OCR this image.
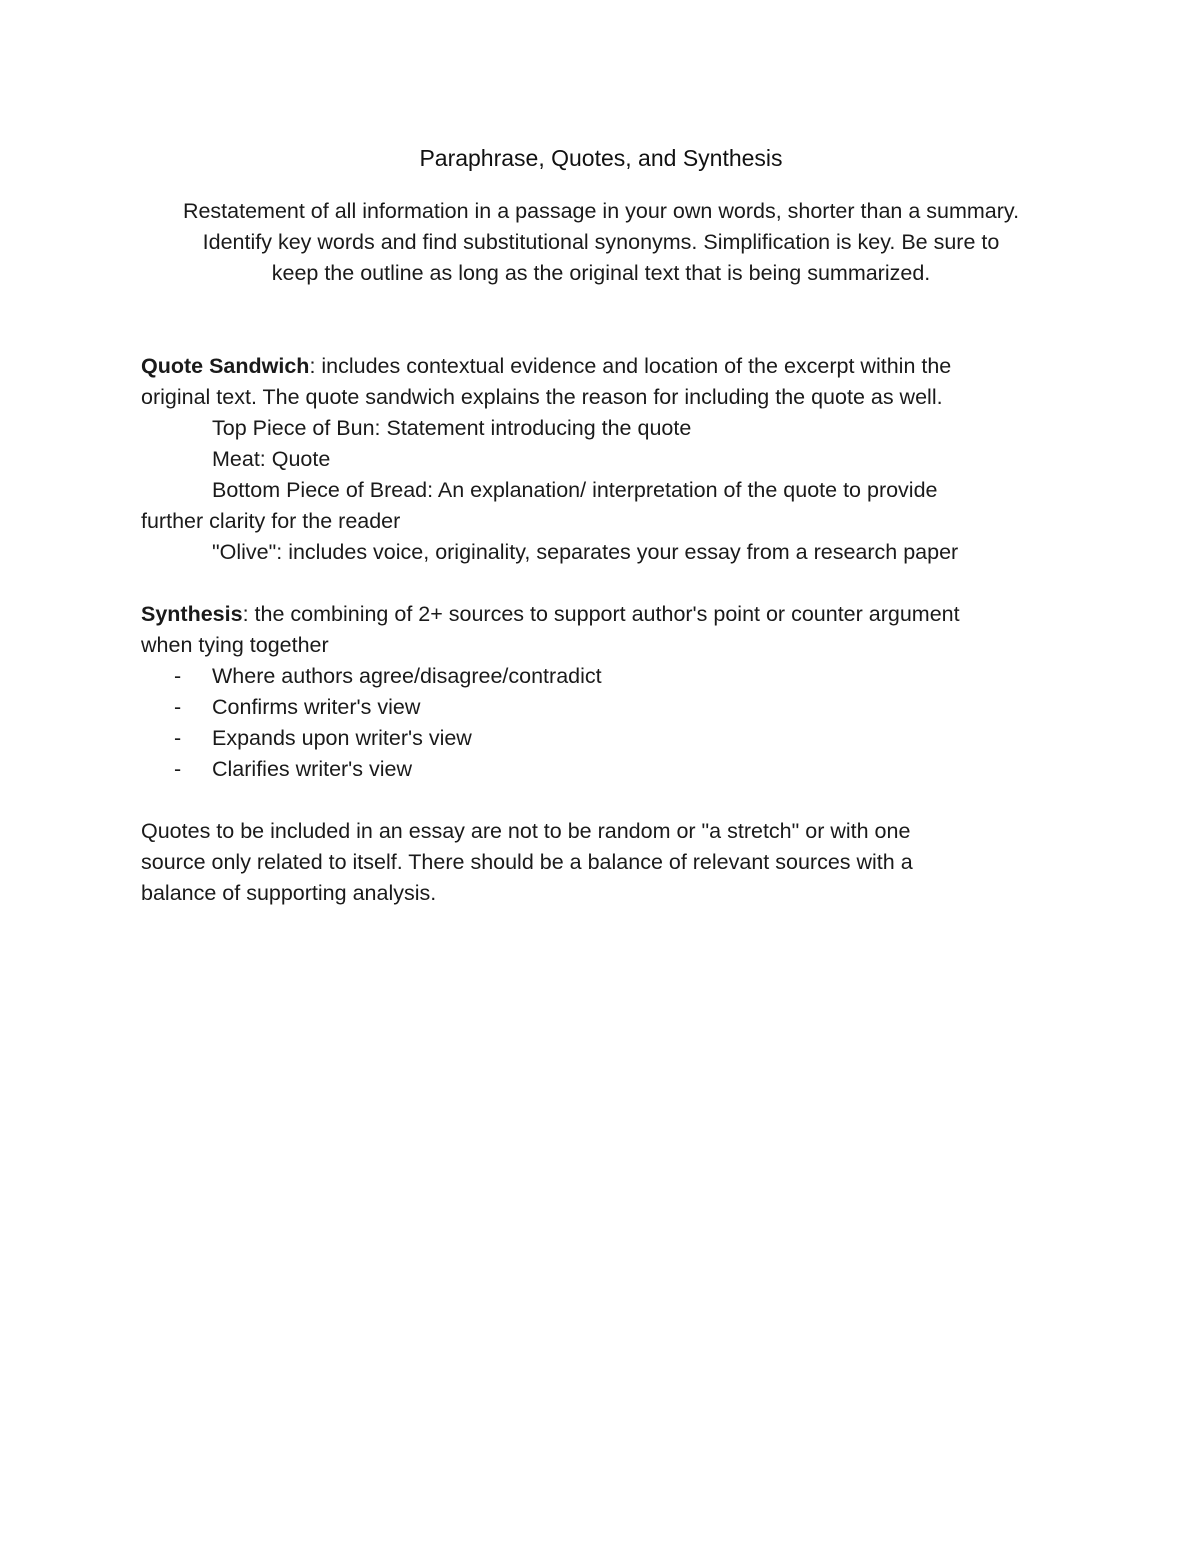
Paraphrase, Quotes, and Synthesis

Restatement of all information in a passage in your own words, shorter than a summary.

Identify key words and find substitutional synonyms. Simplification is key. Be sure to

keep the outline as long as the original text that is being summarized.

Quote Sandwich: includes contextual evidence and location of the excerpt within the

original text. The quote sandwich explains the reason for including the quote as well.

Top Piece of Bun: Statement introducing the quote

Meat: Quote

Bottom Piece of Bread: An explanation/ interpretation of the quote to provide

further clarity for the reader

"Olive": includes voice, originality, separates your essay from a research paper

Synthesis: the combining of 2+ sources to support author's point or counter argument

when tying together

- Where authors agree/disagree/contradict
- Confirms writer's view
- Expands upon writer's view
- Clarifies writer's view

Quotes to be included in an essay are not to be random or "a stretch" or with one

source only related to itself. There should be a balance of relevant sources with a

balance of supporting analysis.
